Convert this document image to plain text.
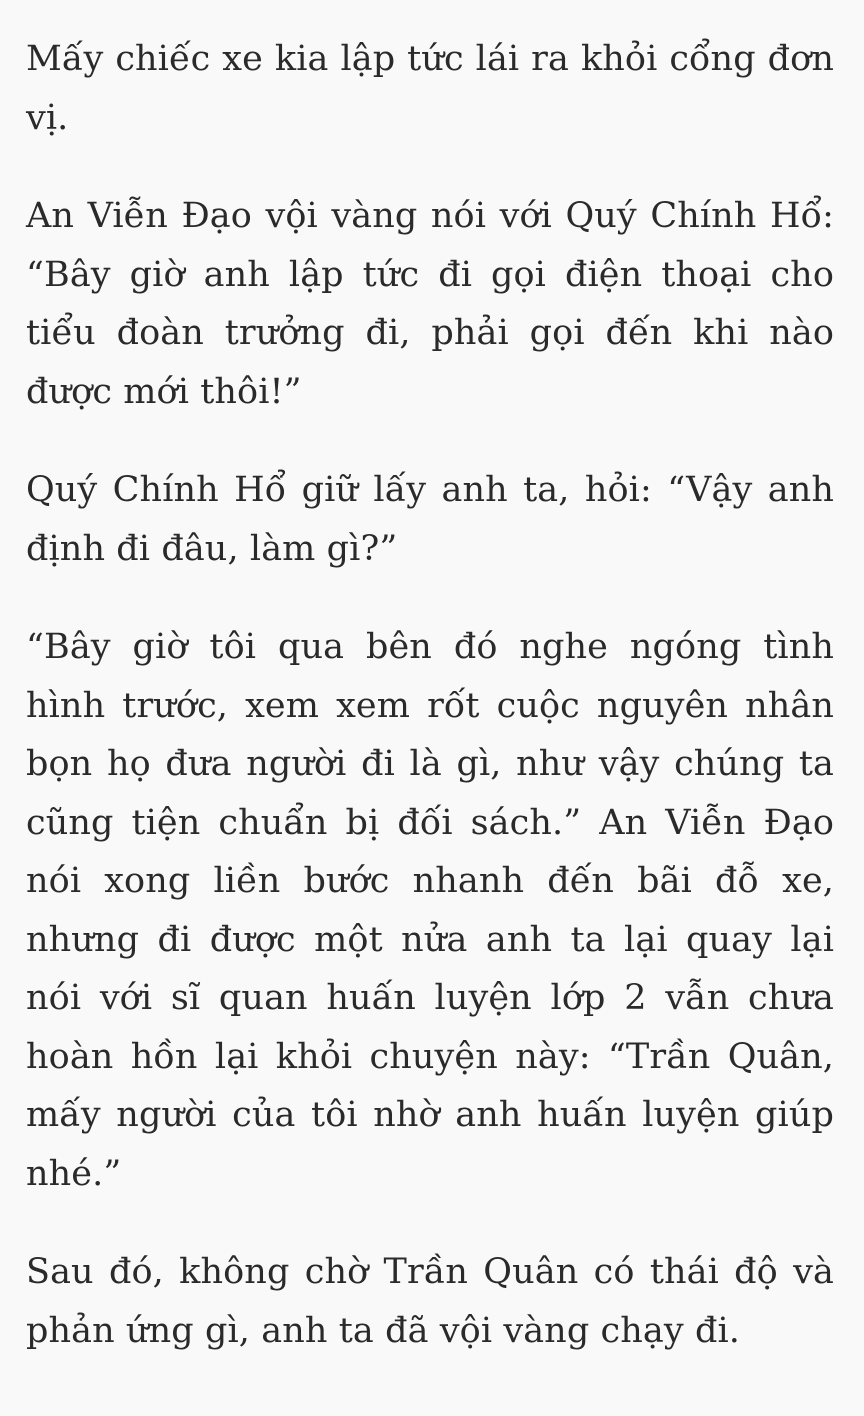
Mấy chiếc xe kia lập tức lái ra khỏi cổng đơn vị.

An Viễn Đạo vội vàng nói với Quý Chính Hổ: “Bây giờ anh lập tức đi gọi điện thoại cho tiểu đoàn trưởng đi, phải gọi đến khi nào được mới thôi!”

Quý Chính Hổ giữ lấy anh ta, hỏi: “Vậy anh định đi đâu, làm gì?”

“Bây giờ tôi qua bên đó nghe ngóng tình hình trước, xem xem rốt cuộc nguyên nhân bọn họ đưa người đi là gì, như vậy chúng ta cũng tiện chuẩn bị đối sách.” An Viễn Đạo nói xong liền bước nhanh đến bãi đỗ xe, nhưng đi được một nửa anh ta lại quay lại nói với sĩ quan huấn luyện lớp 2 vẫn chưa hoàn hồn lại khỏi chuyện này: “Trần Quân, mấy người của tôi nhờ anh huấn luyện giúp nhé.”

Sau đó, không chờ Trần Quân có thái độ và phản ứng gì, anh ta đã vội vàng chạy đi.
